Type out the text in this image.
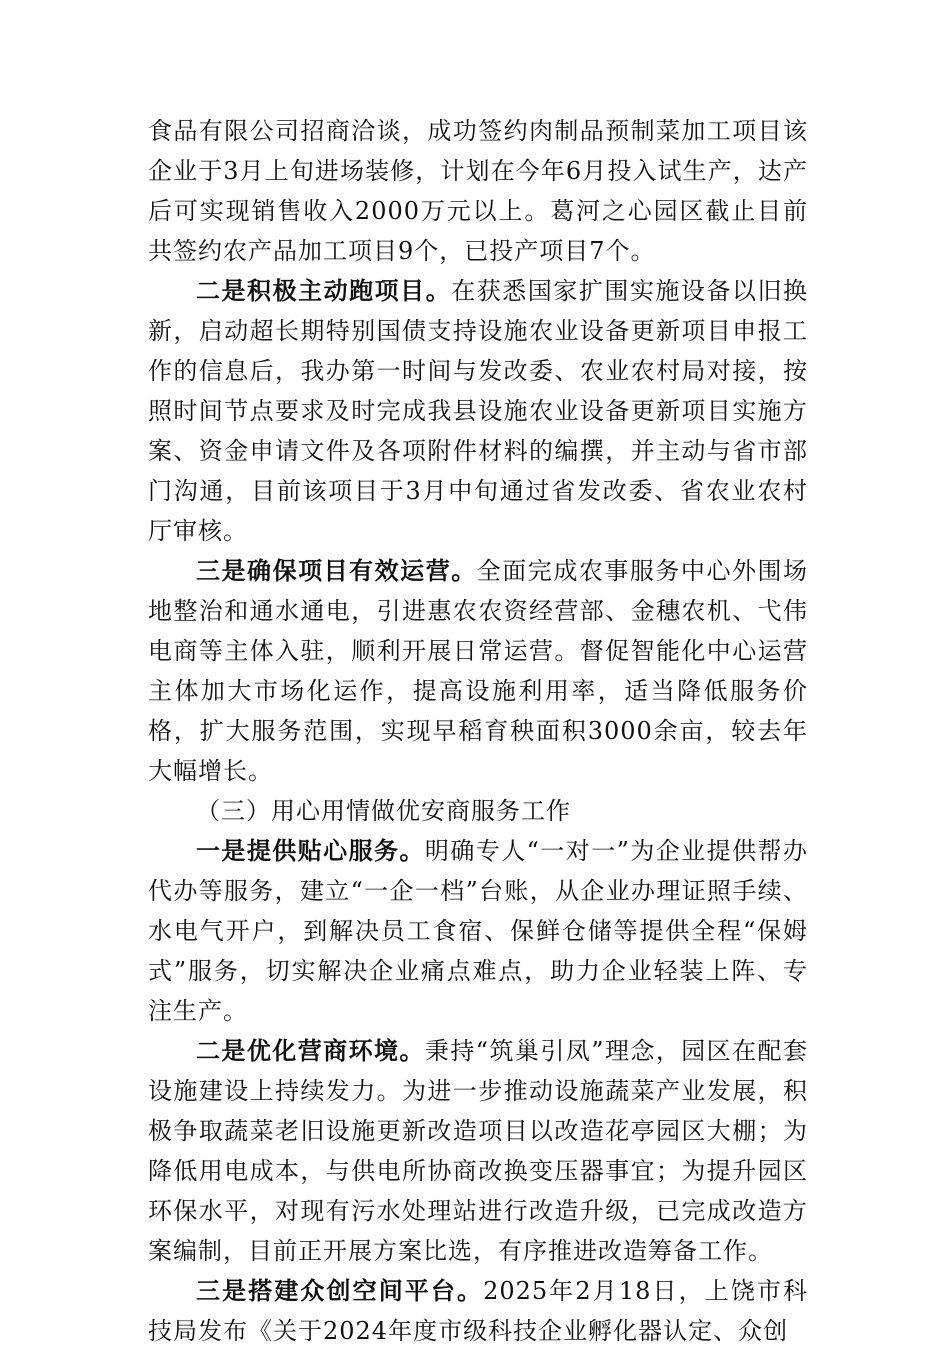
食品有限公司招商洽谈，成功签约肉制品预制菜加工项目该企业于3月上旬进场装修，计划在今年6月投入试生产，达产后可实现销售收入2000万元以上。葛河之心园区截止目前共签约农产品加工项目9个，已投产项目7个。

二是积极主动跑项目。在获悉国家扩围实施设备以旧换新，启动超长期特别国债支持设施农业设备更新项目申报工作的信息后，我办第一时间与发改委、农业农村局对接，按照时间节点要求及时完成我县设施农业设备更新项目实施方案、资金申请文件及各项附件材料的编撰，并主动与省市部门沟通，目前该项目于3月中旬通过省发改委、省农业农村厅审核。

三是确保项目有效运营。全面完成农事服务中心外围场地整治和通水通电，引进惠农农资经营部、金穗农机、弋伟电商等主体入驻，顺利开展日常运营。督促智能化中心运营主体加大市场化运作，提高设施利用率，适当降低服务价格，扩大服务范围，实现早稻育秧面积3000余亩，较去年大幅增长。

（三）用心用情做优安商服务工作

一是提供贴心服务。明确专人“一对一”为企业提供帮办代办等服务，建立“一企一档”台账，从企业办理证照手续、水电气开户，到解决员工食宿、保鲜仓储等提供全程“保姆式”服务，切实解决企业痛点难点，助力企业轻装上阵、专注生产。

二是优化营商环境。秉持“筑巢引凤”理念，园区在配套设施建设上持续发力。为进一步推动设施蔬菜产业发展，积极争取蔬菜老旧设施更新改造项目以改造花亭园区大棚；为降低用电成本，与供电所协商改换变压器事宜；为提升园区环保水平，对现有污水处理站进行改造升级，已完成改造方案编制，目前正开展方案比选，有序推进改造筹备工作。

三是搭建众创空间平台。2025年2月18日，上饶市科技局发布《关于2024年度市级科技企业孵化器认定、众创
